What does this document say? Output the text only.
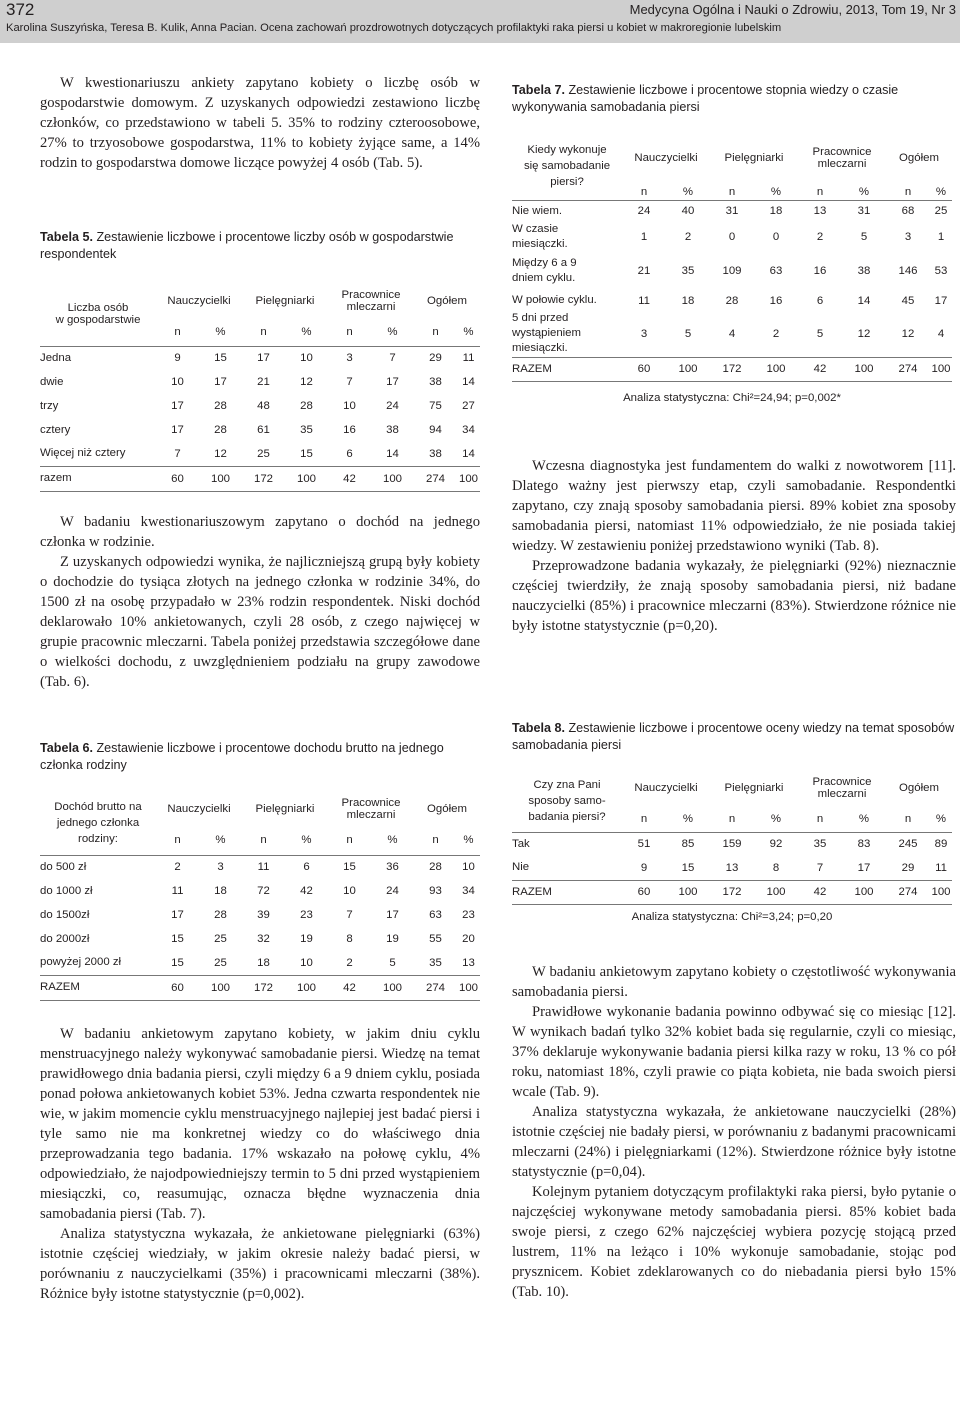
372	Medycyna Ogólna i Nauki o Zdrowiu, 2013, Tom 19, Nr 3
Karolina Suszyńska, Teresa B. Kulik, Anna Pacian. Ocena zachowań prozdrowotnych dotyczących profilaktyki raka piersi u kobiet w makroregionie lubelskim

W kwestionariuszu ankiety zapytano kobiety o liczbę osób w gospodarstwie domowym. Z uzyskanych odpowiedzi zestawiono liczbę członków, co przedstawiono w tabeli 5. 35% to rodziny czteroosobowe, 27% to trzyosobowe gospodarstwa, 11% to kobiety żyjące same, a 14% rodzin to gospodarstwa domowe liczące powyżej 4 osób (Tab. 5).

Tabela 5. Zestawienie liczbowe i procentowe liczby osób w gospodarstwie respondentek

Liczba osób
w gospodarstwie	Nauczycielki		Pielęgniarki		Pracownice
mleczarni		Ogółem	
	n	%	n	%	n	%	n	%
Jedna	9	15	17	10	3	7	29	11
dwie	10	17	21	12	7	17	38	14
trzy	17	28	48	28	10	24	75	27
cztery	17	28	61	35	16	38	94	34
Więcej niż cztery	7	12	25	15	6	14	38	14
razem	60	100	172	100	42	100	274	100

W badaniu kwestionariuszowym zapytano o dochód na jednego członka w rodzinie.

Z uzyskanych odpowiedzi wynika, że najliczniejszą grupą były kobiety o dochodzie do tysiąca złotych na jednego członka w rodzinie 34%, do 1500 zł na osobę przypadało w 23% rodzin respondentek. Niski dochód deklarowało 10% ankietowanych, czyli 28 osób, z czego najwięcej w grupie pracownic mleczarni. Tabela poniżej przedstawia szczegółowe dane o wielkości dochodu, z uwzględnieniem podziału na grupy zawodowe (Tab. 6).

Tabela 6. Zestawienie liczbowe i procentowe dochodu brutto na jednego członka rodziny

Dochód brutto na
jednego członka
rodziny:	Nauczycielki		Pielęgniarki		Pracownice
mleczarni		Ogółem	
	n	%	n	%	n	%	n	%
do 500 zł	2	3	11	6	15	36	28	10
do 1000 zł	11	18	72	42	10	24	93	34
do 1500zł	17	28	39	23	7	17	63	23
do 2000zł	15	25	32	19	8	19	55	20
powyżej 2000 zł	15	25	18	10	2	5	35	13
RAZEM	60	100	172	100	42	100	274	100

W badaniu ankietowym zapytano kobiety, w jakim dniu cyklu menstruacyjnego należy wykonywać samobadanie piersi. Wiedzę na temat prawidłowego dnia badania piersi, czyli między 6 a 9 dniem cyklu, posiada ponad połowa ankietowanych kobiet 53%. Jedna czwarta respondentek nie wie, w jakim momencie cyklu menstruacyjnego najlepiej jest badać piersi i tyle samo nie ma konkretnej wiedzy co do właściwego dnia przeprowadzania tego badania. 17% wskazało na połowę cyklu, 4% odpowiedziało, że najodpowiedniejszy termin to 5 dni przed wystąpieniem miesiączki, co, reasumując, oznacza błędne wyznaczenia dnia samobadania piersi (Tab. 7).

Analiza statystyczna wykazała, że ankietowane pielęgniarki (63%) istotnie częściej wiedziały, w jakim okresie należy badać piersi, w porównaniu z nauczycielkami (35%) i pracownicami mleczarni (38%). Różnice były istotne statystycznie (p=0,002).

Tabela 7. Zestawienie liczbowe i procentowe stopnia wiedzy o czasie wykonywania samobadania piersi

Kiedy wykonuje
się samobadanie
piersi?	Nauczycielki		Pielęgniarki		Pracownice
mleczarni		Ogółem	
	n	%	n	%	n	%	n	%
Nie wiem.	24	40	31	18	13	31	68	25
W czasie
miesiączki.	1	2	0	0	2	5	3	1
Między 6 a 9
dniem cyklu.	21	35	109	63	16	38	146	53
W połowie cyklu.	11	18	28	16	6	14	45	17
5 dni przed
wystąpieniem
miesiączki.	3	5	4	2	5	12	12	4
RAZEM	60	100	172	100	42	100	274	100
Analiza statystyczna: Chi²=24,94; p=0,002*

Wczesna diagnostyka jest fundamentem do walki z nowotworem [11]. Dlatego ważny jest pierwszy etap, czyli samobadanie. Respondentki zapytano, czy znają sposoby samobadania piersi. 89% kobiet zna sposoby samobadania piersi, natomiast 11% odpowiedziało, że nie posiada takiej wiedzy. W zestawieniu poniżej przedstawiono wyniki (Tab. 8).

Przeprowadzone badania wykazały, że pielęgniarki (92%) nieznacznie częściej twierdziły, że znają sposoby samobadania piersi, niż badane nauczycielki (85%) i pracownice mleczarni (83%). Stwierdzone różnice nie były istotne statystycznie (p=0,20).

Tabela 8. Zestawienie liczbowe i procentowe oceny wiedzy na temat sposobów samobadania piersi

Czy zna Pani
sposoby samo-
badania piersi?	Nauczycielki		Pielęgniarki		Pracownice
mleczarni		Ogółem	
	n	%	n	%	n	%	n	%
Tak	51	85	159	92	35	83	245	89
Nie	9	15	13	8	7	17	29	11
RAZEM	60	100	172	100	42	100	274	100
Analiza statystyczna: Chi²=3,24; p=0,20

W badaniu ankietowym zapytano kobiety o częstotliwość wykonywania samobadania piersi.

Prawidłowe wykonanie badania powinno odbywać się co miesiąc [12]. W wynikach badań tylko 32% kobiet bada się regularnie, czyli co miesiąc, 37% deklaruje wykonywanie badania piersi kilka razy w roku, 13 % co pół roku, natomiast 18%, czyli prawie co piąta kobieta, nie bada swoich piersi wcale (Tab. 9).

Analiza statystyczna wykazała, że ankietowane nauczycielki (28%) istotnie częściej nie badały piersi, w porównaniu z badanymi pracownicami mleczarni (24%) i pielęgniarkami (12%). Stwierdzone różnice były istotne statystycznie (p=0,04).

Kolejnym pytaniem dotyczącym profilaktyki raka piersi, było pytanie o najczęściej wykonywane metody samobadania piersi. 85% kobiet bada swoje piersi, z czego 62% najczęściej wybiera pozycję stojącą przed lustrem, 11% na leżąco i 10% wykonuje samobadanie, stojąc pod prysznicem. Kobiet zdeklarowanych co do niebadania piersi było 15% (Tab. 10).
